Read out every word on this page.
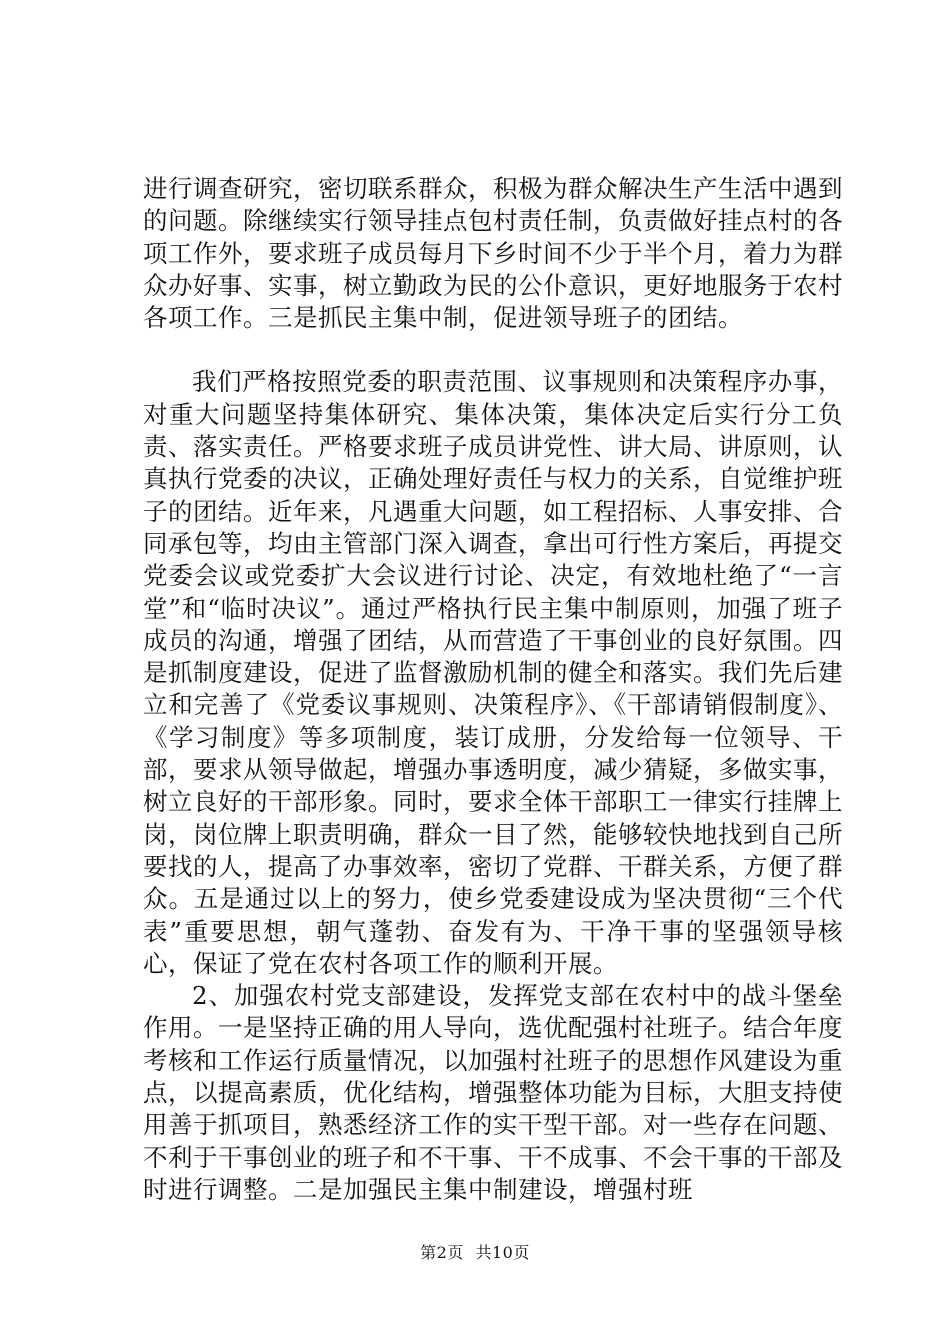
进行调查研究，密切联系群众，积极为群众解决生产生活中遇到的问题。除继续实行领导挂点包村责任制，负责做好挂点村的各项工作外，要求班子成员每月下乡时间不少于半个月，着力为群众办好事、实事，树立勤政为民的公仆意识，更好地服务于农村各项工作。三是抓民主集中制，促进领导班子的团结。

我们严格按照党委的职责范围、议事规则和决策程序办事，对重大问题坚持集体研究、集体决策，集体决定后实行分工负责、落实责任。严格要求班子成员讲党性、讲大局、讲原则，认真执行党委的决议，正确处理好责任与权力的关系，自觉维护班子的团结。近年来，凡遇重大问题，如工程招标、人事安排、合同承包等，均由主管部门深入调查，拿出可行性方案后，再提交党委会议或党委扩大会议进行讨论、决定，有效地杜绝了“一言堂”和“临时决议”。通过严格执行民主集中制原则，加强了班子成员的沟通，增强了团结，从而营造了干事创业的良好氛围。四是抓制度建设，促进了监督激励机制的健全和落实。我们先后建立和完善了《党委议事规则、决策程序》、《干部请销假制度》、《学习制度》等多项制度，装订成册，分发给每一位领导、干部，要求从领导做起，增强办事透明度，减少猜疑，多做实事，树立良好的干部形象。同时，要求全体干部职工一律实行挂牌上岗，岗位牌上职责明确，群众一目了然，能够较快地找到自己所要找的人，提高了办事效率，密切了党群、干群关系，方便了群众。五是通过以上的努力，使乡党委建设成为坚决贯彻“三个代表”重要思想，朝气蓬勃、奋发有为、干净干事的坚强领导核心，保证了党在农村各项工作的顺利开展。

2、加强农村党支部建设，发挥党支部在农村中的战斗堡垒作用。一是坚持正确的用人导向，选优配强村社班子。结合年度考核和工作运行质量情况，以加强村社班子的思想作风建设为重点，以提高素质，优化结构，增强整体功能为目标，大胆支持使用善于抓项目，熟悉经济工作的实干型干部。对一些存在问题、不利于干事创业的班子和不干事、干不成事、不会干事的干部及时进行调整。二是加强民主集中制建设，增强村班

第2页 共10页
